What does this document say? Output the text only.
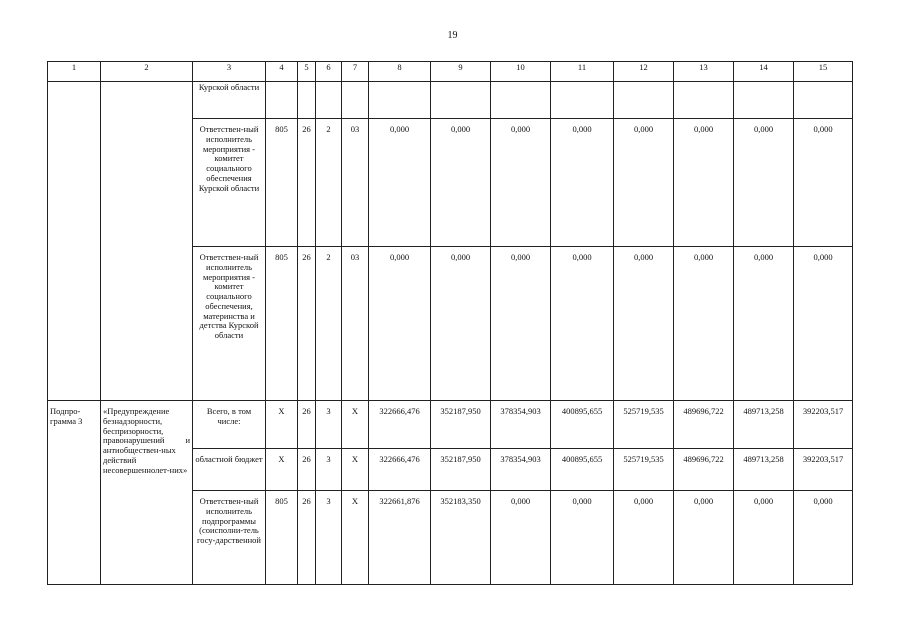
19
1	2	3	4	5	6	7	8	9	10	11	12	13	14	15
		Курской области												
		Ответствен-ный исполнитель мероприятия - комитет социального обеспечения Курской области	805	26	2	03	0,000	0,000	0,000	0,000	0,000	0,000	0,000	0,000
		Ответствен-ный исполнитель мероприятия - комитет социального обеспечения, материнства и детства Курской области	805	26	2	03	0,000	0,000	0,000	0,000	0,000	0,000	0,000	0,000
Подпро-грамма 3	«Предупреждение безнадзорности, беспризорности, правонарушений и антиобществен-ных действий несовершеннолет-них»	Всего, в том числе:	Х	26	3	Х	322666,476	352187,950	378354,903	400895,655	525719,535	489696,722	489713,258	392203,517
		областной бюджет	Х	26	3	Х	322666,476	352187,950	378354,903	400895,655	525719,535	489696,722	489713,258	392203,517
		Ответствен-ный исполнитель подпрограммы (соисполни-тель госу-дарственной	805	26	3	Х	322661,876	352183,350	0,000	0,000	0,000	0,000	0,000	0,000
